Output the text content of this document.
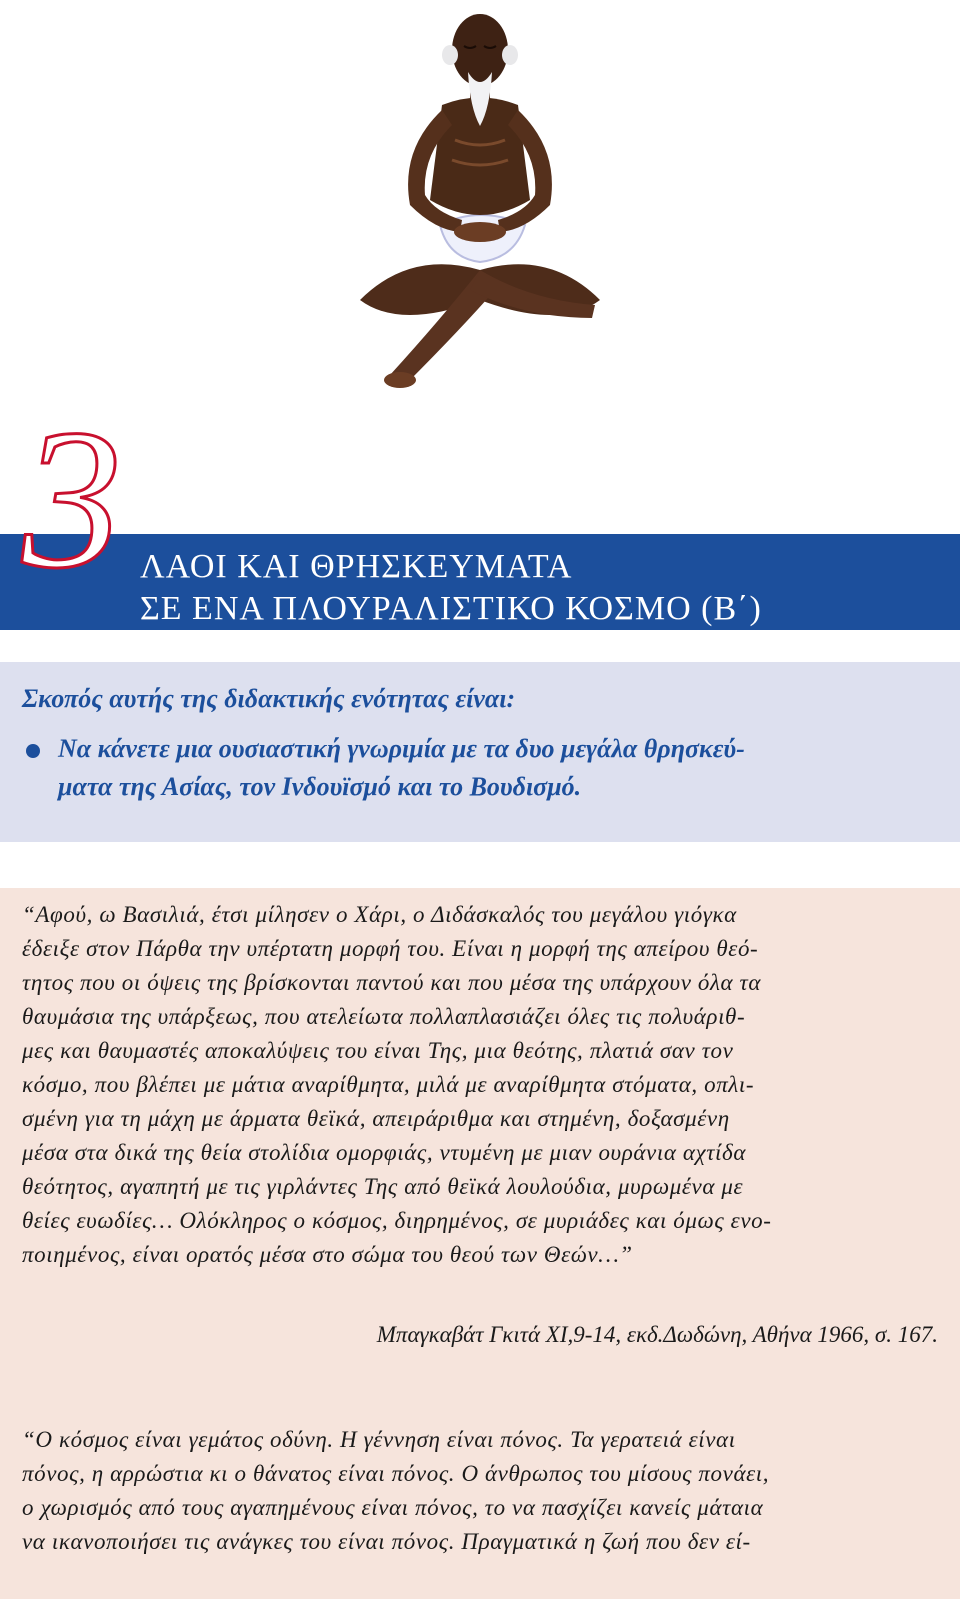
3 ΛΑΟΙ ΚΑΙ ΘΡΗΣΚΕΥΜΑΤΑ
ΣΕ ΕΝΑ ΠΛΟΥΡΑΛΙΣΤΙΚΟ ΚΟΣΜΟ (Β΄)
Σκοπός αυτής της διδακτικής ενότητας είναι:
Να κάνετε μια ουσιαστική γνωριμία με τα δυο μεγάλα θρησκεύ-
ματα της Ασίας, τον Ινδουϊσμό και το Βουδισμό.
“Αφού, ω Βασιλιά, έτσι μίλησεν ο Χάρι, ο Διδάσκαλός του μεγάλου γιόγκα
έδειξε στον Πάρθα την υπέρτατη μορφή του. Είναι η μορφή της απείρου θεό-
τητος που οι όψεις της βρίσκονται παντού και που μέσα της υπάρχουν όλα τα
θαυμάσια της υπάρξεως, που ατελείωτα πολλαπλασιάζει όλες τις πολυάριθ-
μες και θαυμαστές αποκαλύψεις του είναι Της, μια θεότης, πλατιά σαν τον
κόσμο, που βλέπει με μάτια αναρίθμητα, μιλά με αναρίθμητα στόματα, οπλι-
σμένη για τη μάχη με άρματα θεϊκά, απειράριθμα και στημένη, δοξασμένη
μέσα στα δικά της θεία στολίδια ομορφιάς, ντυμένη με μιαν ουράνια αχτίδα
θεότητος, αγαπητή με τις γιρλάντες Της από θεϊκά λουλούδια, μυρωμένα με
θείες ευωδίες… Ολόκληρος ο κόσμος, διηρημένος, σε μυριάδες και όμως ενο-
ποιημένος, είναι ορατός μέσα στο σώμα του θεού των Θεών…”
Μπαγκαβάτ Γκιτά XI,9-14, εκδ.Δωδώνη, Αθήνα 1966, σ. 167.
“Ο κόσμος είναι γεμάτος οδύνη. Η γέννηση είναι πόνος. Τα γερατειά είναι
πόνος, η αρρώστια κι ο θάνατος είναι πόνος. Ο άνθρωπος του μίσους πονάει,
ο χωρισμός από τους αγαπημένους είναι πόνος, το να πασχίζει κανείς μάταια
να ικανοποιήσει τις ανάγκες του είναι πόνος. Πραγματικά η ζωή που δεν εί-
